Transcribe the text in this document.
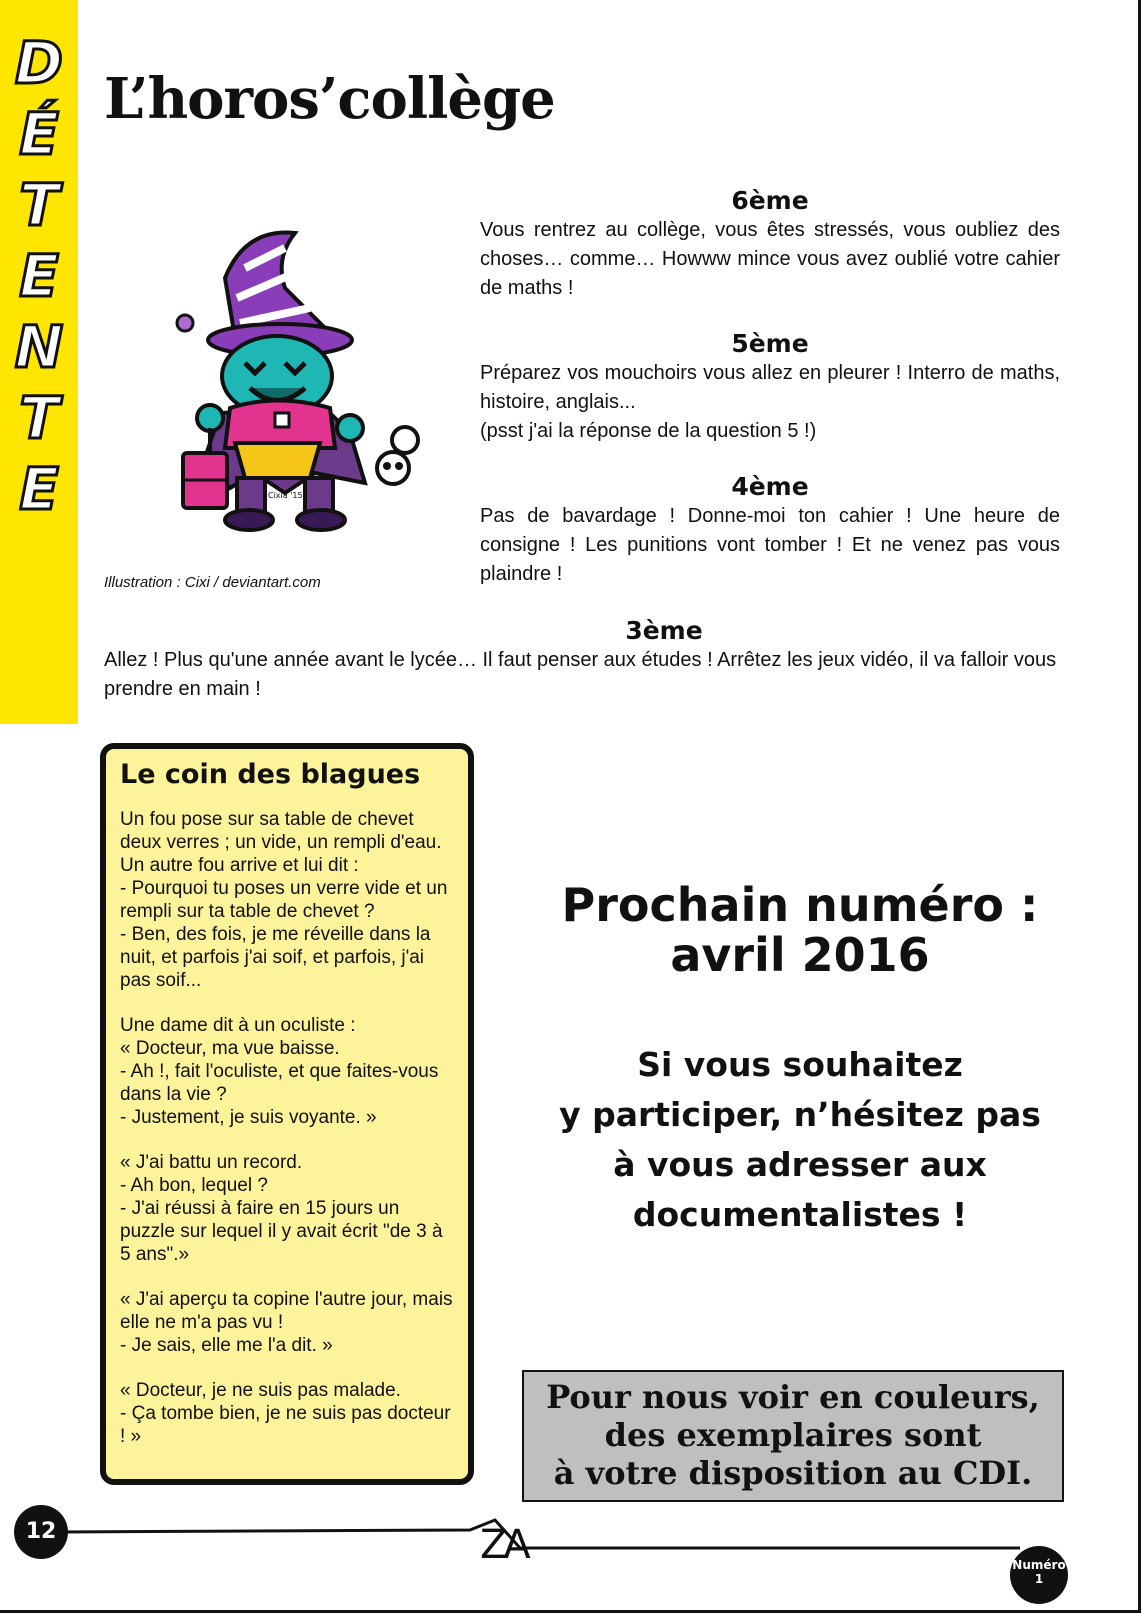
D
É
T
E
N
T
E
L’horos’collège
Cixia '15
Illustration : Cixi / deviantart.com
6ème

Vous rentrez au collège, vous êtes stressés, vous oubliez des choses… comme… Howww mince vous avez oublié votre cahier de maths !

5ème

Préparez vos mouchoirs vous allez en pleurer ! Interro de maths, histoire, anglais...

(psst j'ai la réponse de la question 5 !)

4ème

Pas de bavardage ! Donne-moi ton cahier ! Une heure de consigne ! Les punitions vont tomber ! Et ne venez pas vous plaindre !

3ème

Allez ! Plus qu'une année avant le lycée… Il faut penser aux études ! Arrêtez les jeux vidéo, il va falloir vous prendre en main !

Le coin des blagues
Un fou pose sur sa table de chevet deux verres ; un vide, un rempli d'eau. Un autre fou arrive et lui dit :
- Pourquoi tu poses un verre vide et un rempli sur ta table de chevet ?
- Ben, des fois, je me réveille dans la nuit, et parfois j'ai soif, et parfois, j'ai pas soif...
Une dame dit à un oculiste :
« Docteur, ma vue baisse.
- Ah !, fait l'oculiste, et que faites-vous dans la vie ?
- Justement, je suis voyante. »
« J'ai battu un record.
- Ah bon, lequel ?
- J'ai réussi à faire en 15 jours un puzzle sur lequel il y avait écrit "de 3 à 5 ans".»
« J'ai aperçu ta copine l'autre jour, mais elle ne m'a pas vu !
- Je sais, elle me l'a dit. »
« Docteur, je ne suis pas malade.
- Ça tombe bien, je ne suis pas docteur ! »
Prochain numéro :
avril 2016
Si vous souhaitez
y participer, n’hésitez pas
à vous adresser aux
documentalistes !
Pour nous voir en couleurs,
des exemplaires sont
à votre disposition au CDI.
12	ZA	Numéro
1
